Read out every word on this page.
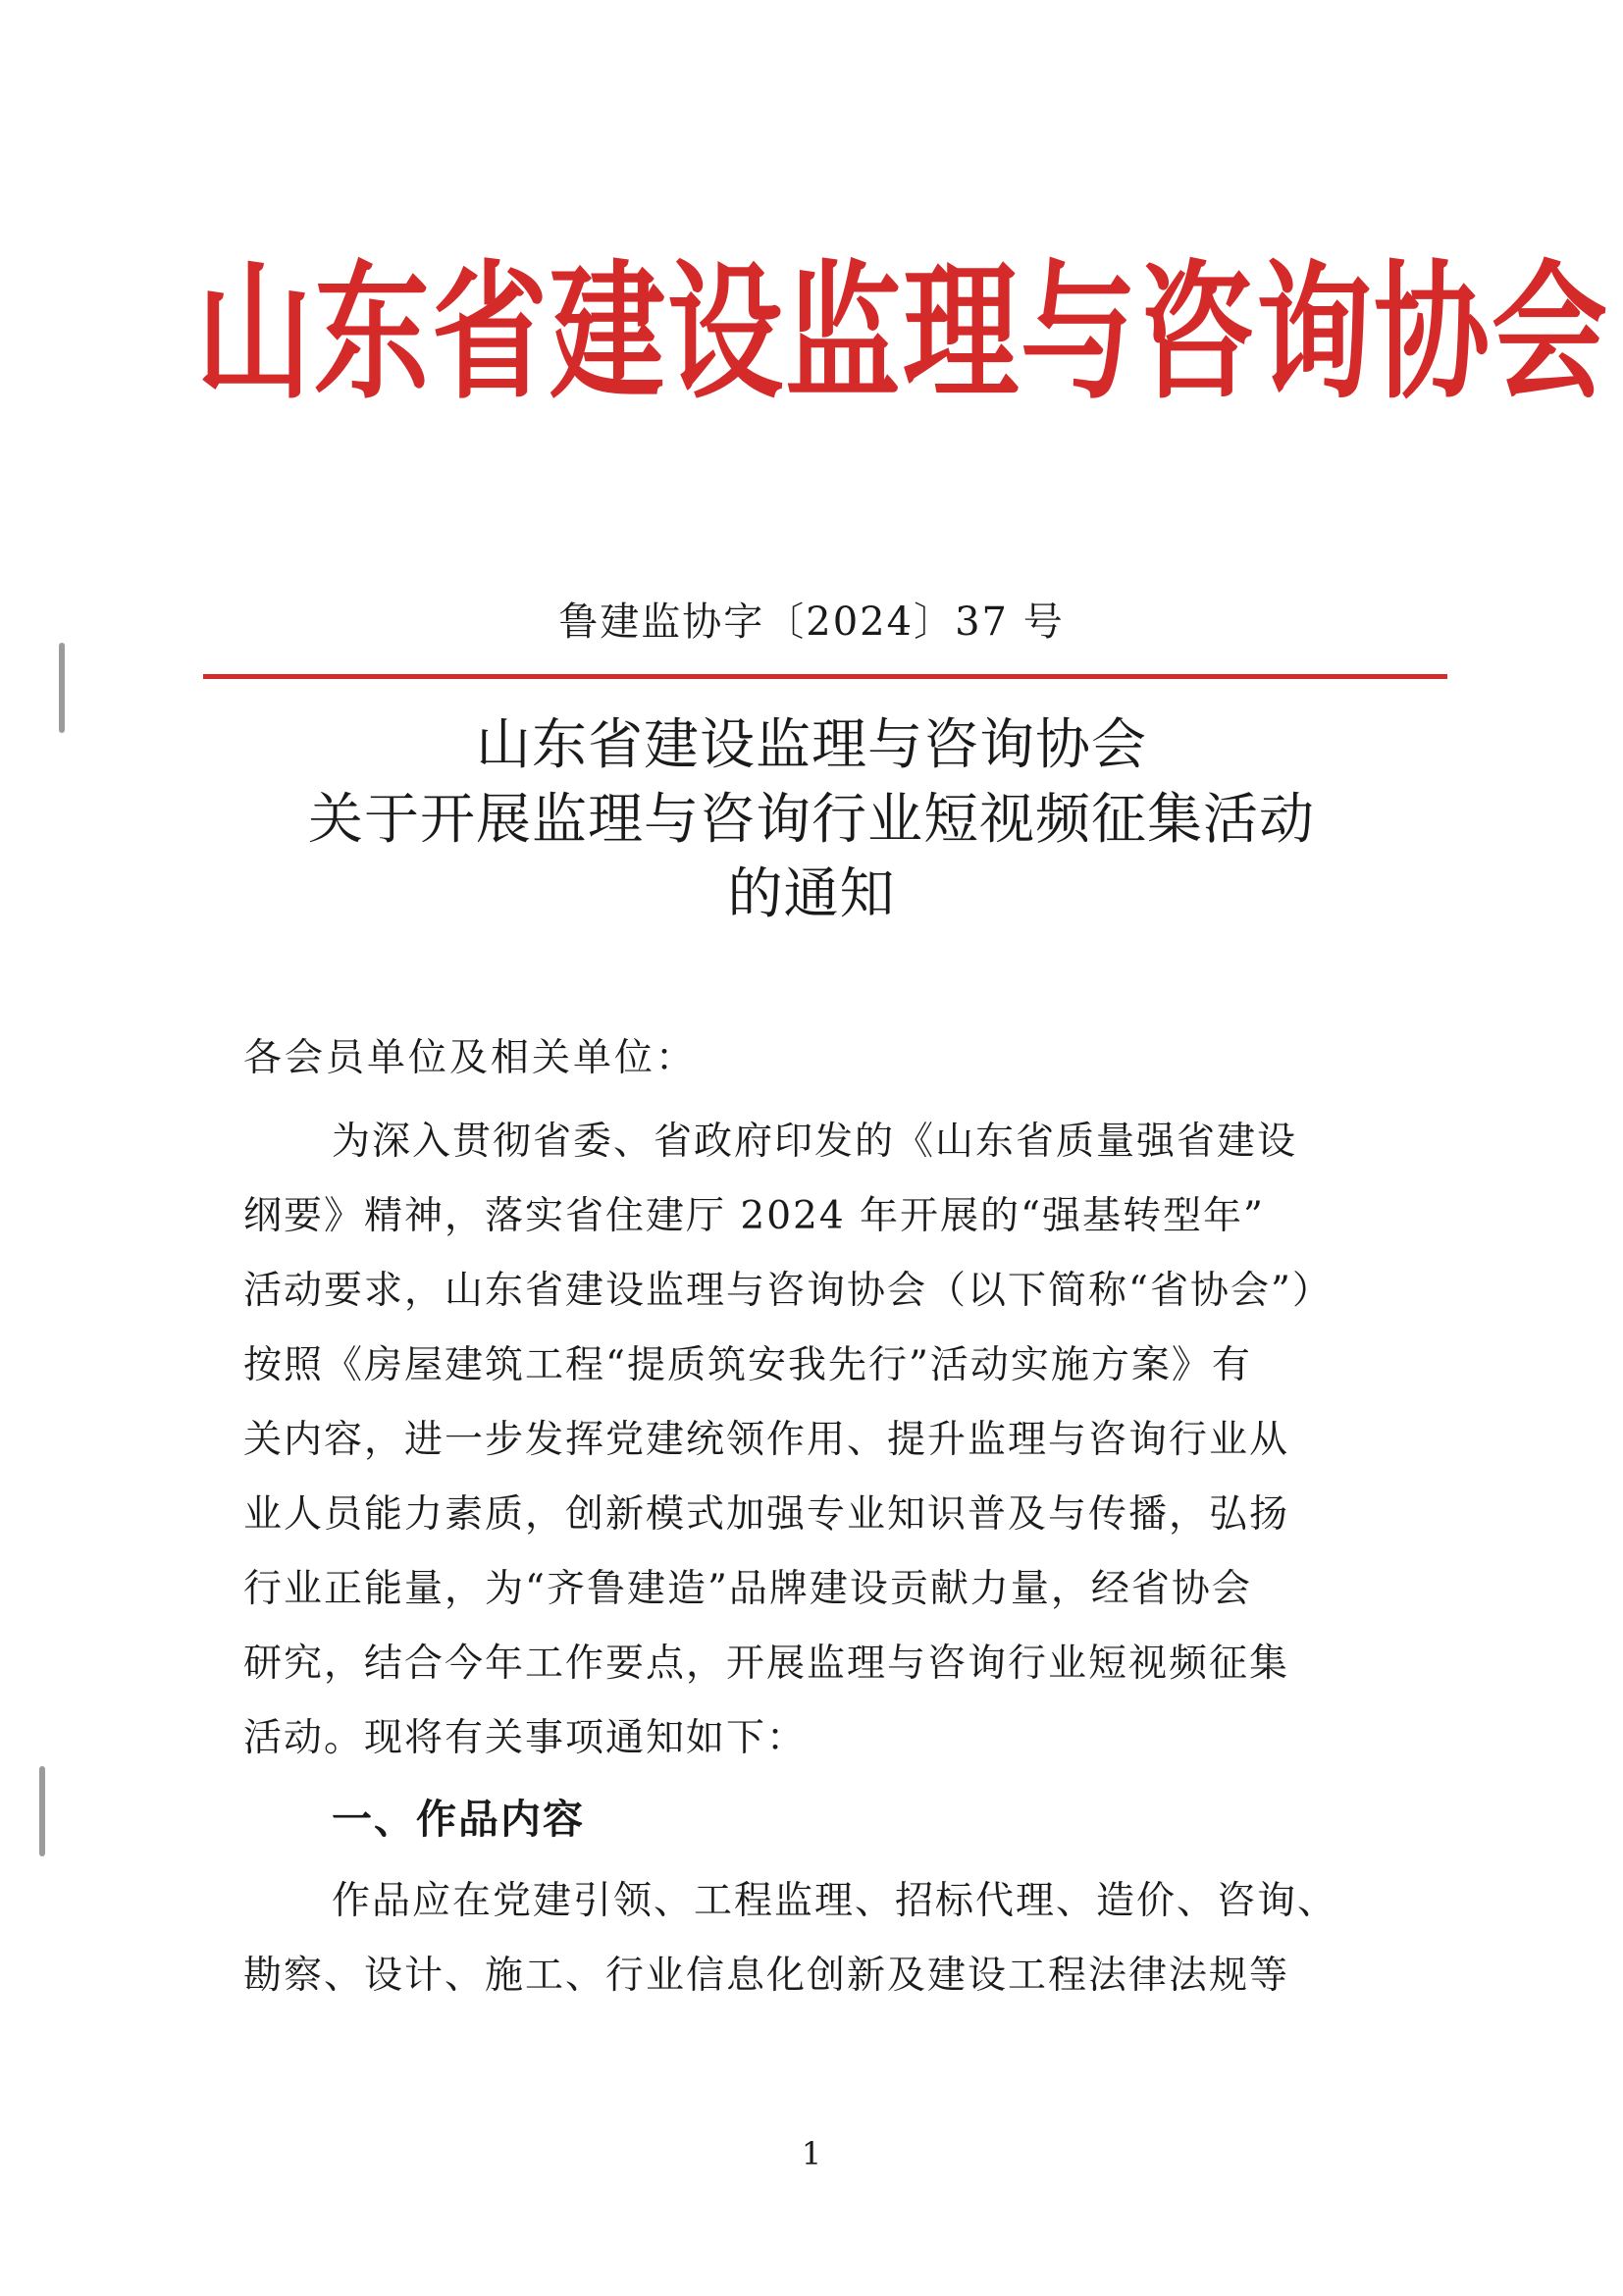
山东省建设监理与咨询协会
鲁建监协字〔2024〕37 号
山东省建设监理与咨询协会
关于开展监理与咨询行业短视频征集活动
的通知
各会员单位及相关单位：
为深入贯彻省委、省政府印发的《山东省质量强省建设
纲要》精神，落实省住建厅 2024 年开展的“强基转型年”
活动要求，山东省建设监理与咨询协会（以下简称“省协会”）
按照《房屋建筑工程“提质筑安我先行”活动实施方案》有
关内容，进一步发挥党建统领作用、提升监理与咨询行业从
业人员能力素质，创新模式加强专业知识普及与传播，弘扬
行业正能量，为“齐鲁建造”品牌建设贡献力量，经省协会
研究，结合今年工作要点，开展监理与咨询行业短视频征集
活动。现将有关事项通知如下：
一、作品内容
作品应在党建引领、工程监理、招标代理、造价、咨询、
勘察、设计、施工、行业信息化创新及建设工程法律法规等
1
